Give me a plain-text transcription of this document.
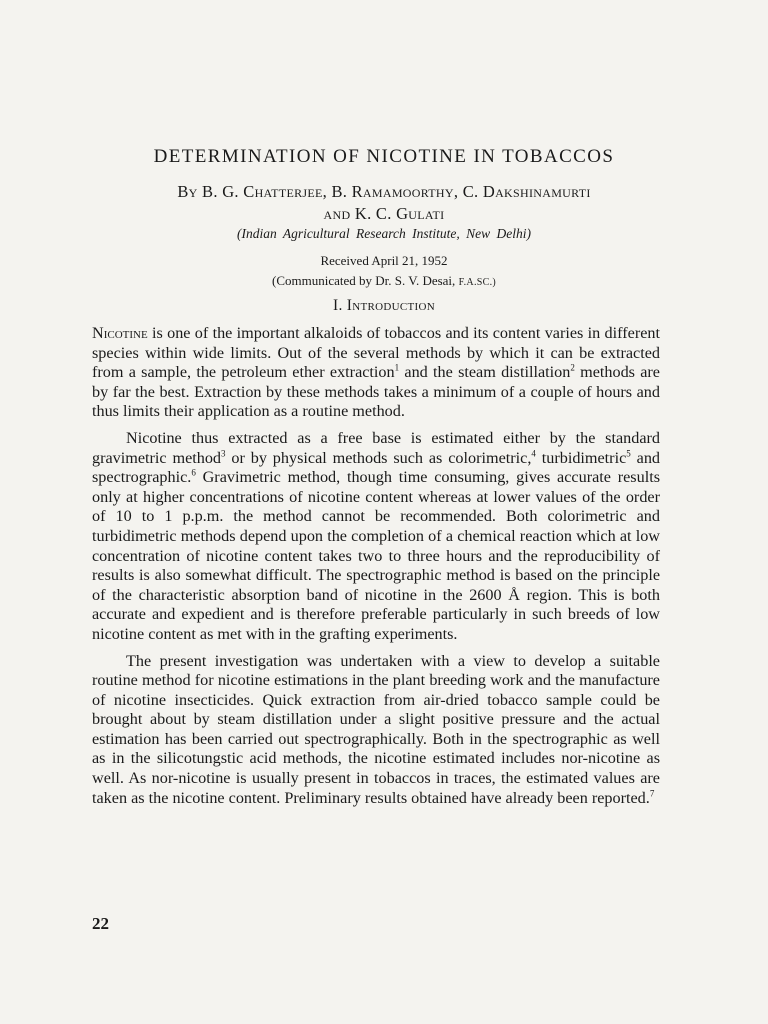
DETERMINATION OF NICOTINE IN TOBACCOS
By B. G. Chatterjee, B. Ramamoorthy, C. Dakshinamurti
and K. C. Gulati
(Indian Agricultural Research Institute, New Delhi)
Received April 21, 1952
(Communicated by Dr. S. V. Desai, F.A.SC.)
I. Introduction

Nicotine is one of the important alkaloids of tobaccos and its content varies in different species within wide limits. Out of the several methods by which it can be extracted from a sample, the petroleum ether extraction$^1$ and the steam distillation$^2$ methods are by far the best. Extraction by these methods takes a minimum of a couple of hours and thus limits their application as a routine method.

Nicotine thus extracted as a free base is estimated either by the standard gravimetric method$^3$ or by physical methods such as colorimetric,$^4$ turbidimetric$^5$ and spectrographic.$^6$ Gravimetric method, though time consuming, gives accurate results only at higher concentrations of nicotine content whereas at lower values of the order of 10 to 1 p.p.m. the method cannot be recommended. Both colorimetric and turbidimetric methods depend upon the completion of a chemical reaction which at low concentration of nicotine content takes two to three hours and the reproducibility of results is also somewhat difficult. The spectrographic method is based on the principle of the characteristic absorption band of nicotine in the 2600 Å region. This is both accurate and expedient and is therefore preferable particularly in such breeds of low nicotine content as met with in the grafting experiments.

The present investigation was undertaken with a view to develop a suitable routine method for nicotine estimations in the plant breeding work and the manufacture of nicotine insecticides. Quick extraction from air-dried tobacco sample could be brought about by steam distillation under a slight positive pressure and the actual estimation has been carried out spectrographically. Both in the spectrographic as well as in the silicotungstic acid methods, the nicotine estimated includes nor-nicotine as well. As nor-nicotine is usually present in tobaccos in traces, the estimated values are taken as the nicotine content. Preliminary results obtained have already been reported.$^7$

22
